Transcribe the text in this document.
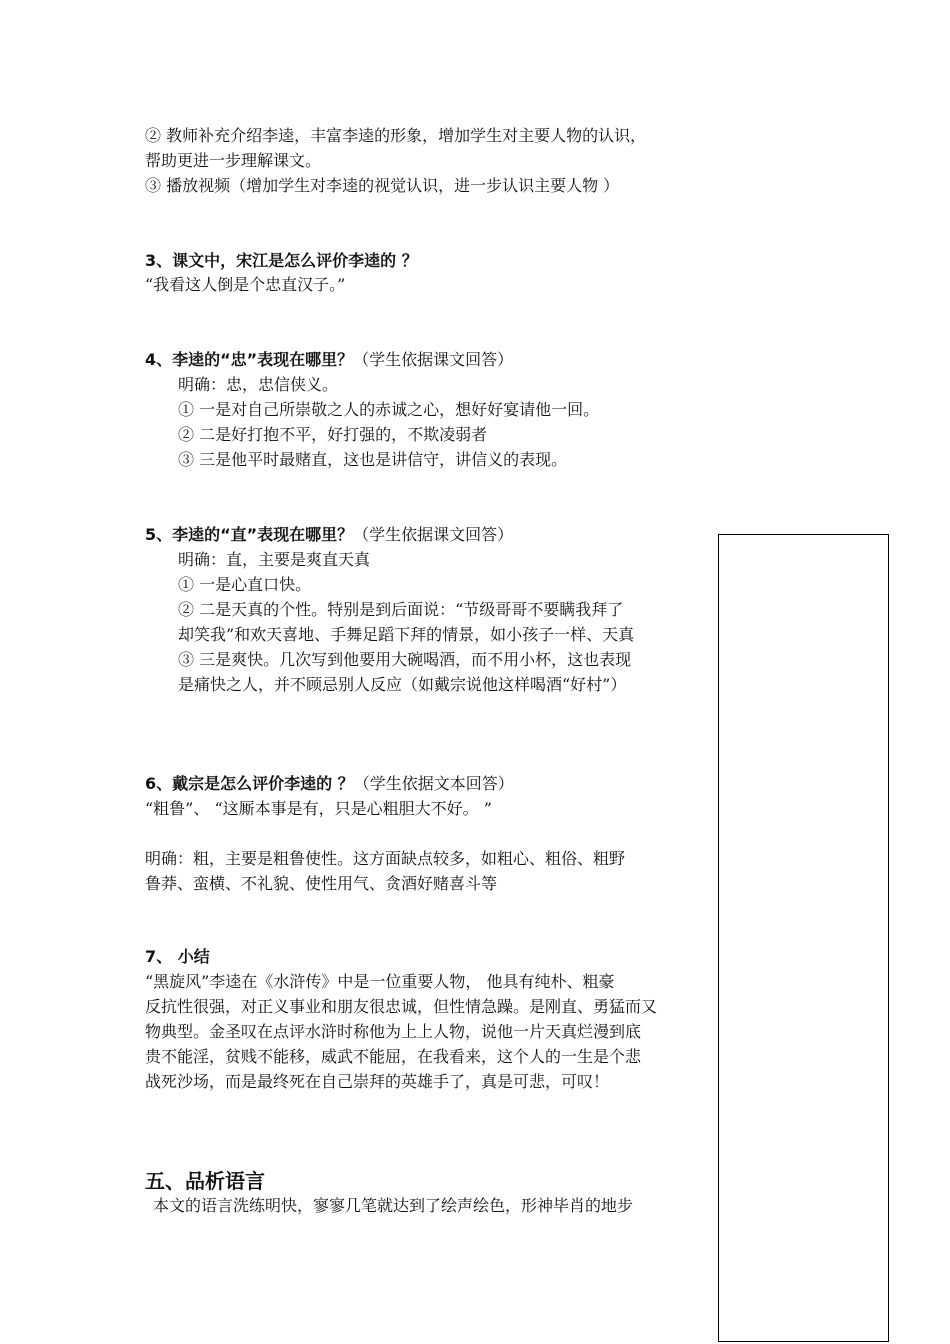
② 教师补充介绍李逵，丰富李逵的形象，增加学生对主要人物的认识，
帮助更进一步理解课文。
③ 播放视频（增加学生对李逵的视觉认识，进一步认识主要人物 ）
3、课文中，宋江是怎么评价李逵的 ？
“我看这人倒是个忠直汉子。”
4、李逵的“忠”表现在哪里？（学生依据课文回答）
明确：忠，忠信侠义。
① 一是对自己所崇敬之人的赤诚之心，想好好宴请他一回。
② 二是好打抱不平，好打强的，不欺凌弱者
③ 三是他平时最赌直，这也是讲信守，讲信义的表现。
5、李逵的“直”表现在哪里？（学生依据课文回答）
明确：直，主要是爽直天真
① 一是心直口快。
② 二是天真的个性。特别是到后面说：“节级哥哥不要瞒我拜了
却笑我”和欢天喜地、手舞足蹈下拜的情景，如小孩子一样、天真
③ 三是爽快。几次写到他要用大碗喝酒，而不用小杯，这也表现
是痛快之人，并不顾忌别人反应（如戴宗说他这样喝酒“好村”）
6、戴宗是怎么评价李逵的 ？（学生依据文本回答）
“粗鲁”、 “这厮本事是有，只是心粗胆大不好。 ”
明确：粗，主要是粗鲁使性。这方面缺点较多，如粗心、粗俗、粗野
鲁莽、蛮横、不礼貌、使性用气、贪酒好赌喜斗等
7、 小结
“黑旋风”李逵在《水浒传》中是一位重要人物， 他具有纯朴、粗豪
反抗性很强，对正义事业和朋友很忠诚，但性情急躁。是刚直、勇猛而又
物典型。金圣叹在点评水浒时称他为上上人物，说他一片天真烂漫到底
贵不能淫，贫贱不能移，威武不能屈，在我看来，这个人的一生是个悲
战死沙场，而是最终死在自己崇拜的英雄手了，真是可悲，可叹！
五、品析语言
本文的语言洗练明快，寥寥几笔就达到了绘声绘色，形神毕肖的地步
